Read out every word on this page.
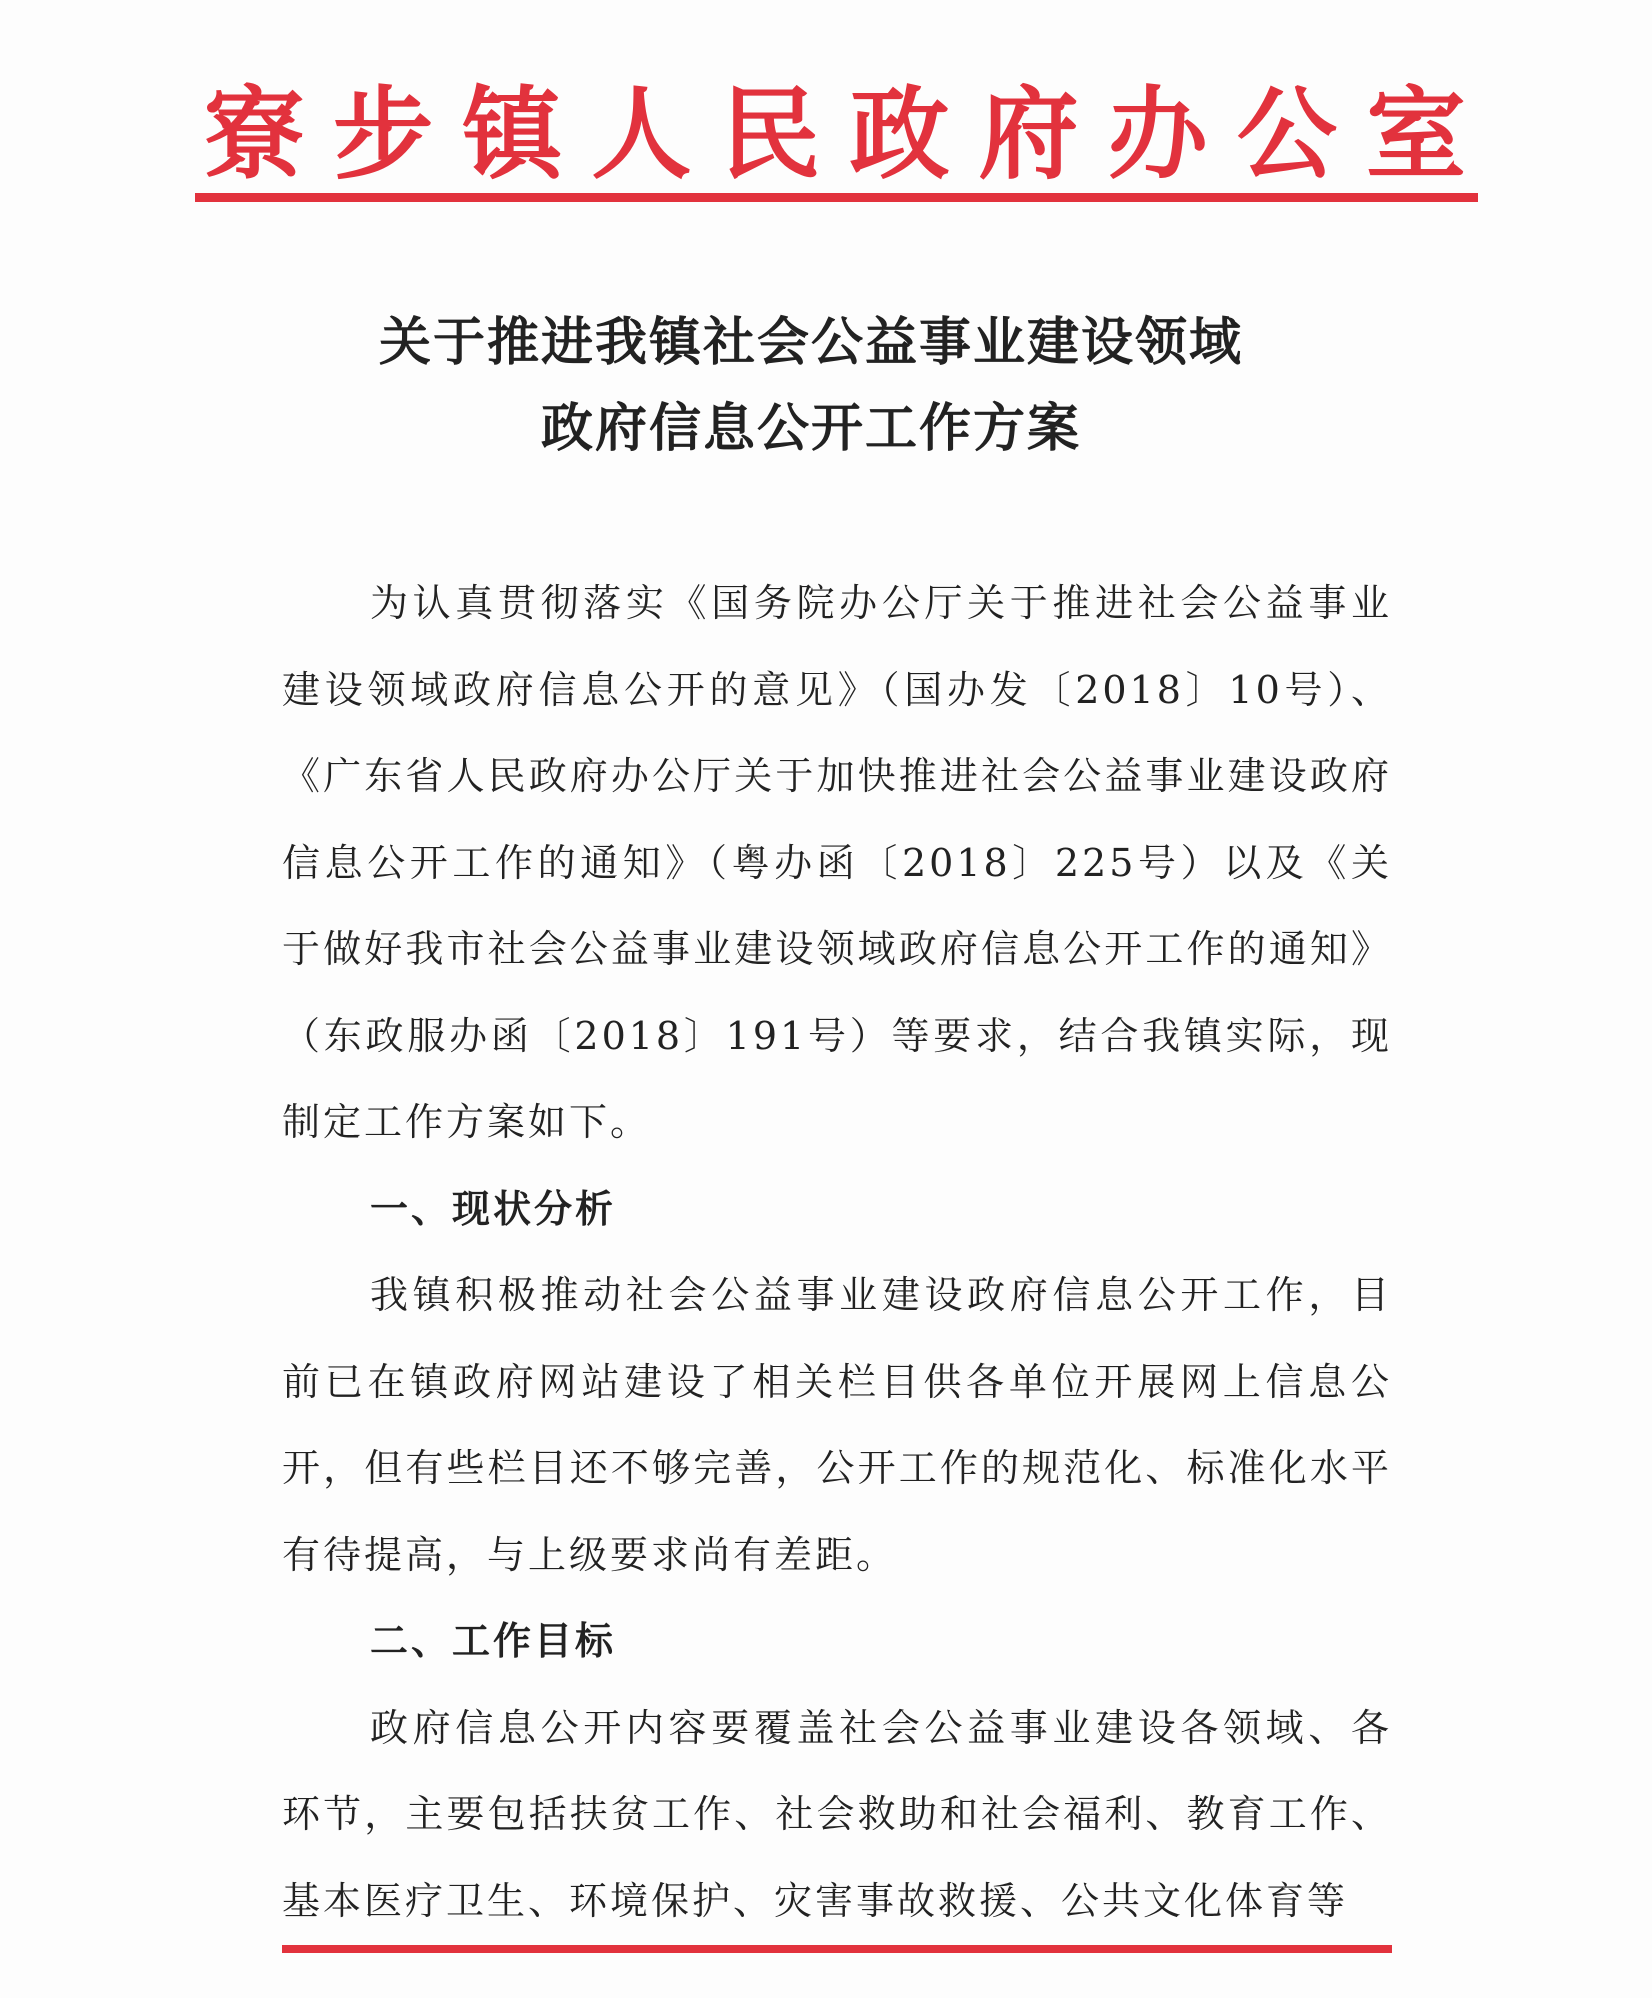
寮 步 镇 人 民 政 府 办 公 室
关于推进我镇社会公益事业建设领域
政府信息公开工作方案

为认真贯彻落实《国务院办公厅关于推进社会公益事业建设领域政府信息公开的意见》（国办发〔2018〕10号）、《广东省人民政府办公厅关于加快推进社会公益事业建设政府信息公开工作的通知》（粤办函〔2018〕225号）以及《关于做好我市社会公益事业建设领域政府信息公开工作的通知》（东政服办函〔2018〕191号）等要求，结合我镇实际，现制定工作方案如下。

一、现状分析

我镇积极推动社会公益事业建设政府信息公开工作，目前已在镇政府网站建设了相关栏目供各单位开展网上信息公开，但有些栏目还不够完善，公开工作的规范化、标准化水平有待提高，与上级要求尚有差距。

二、工作目标

政府信息公开内容要覆盖社会公益事业建设各领域、各环节，主要包括扶贫工作、社会救助和社会福利、教育工作、基本医疗卫生、环境保护、灾害事故救援、公共文化体育等
